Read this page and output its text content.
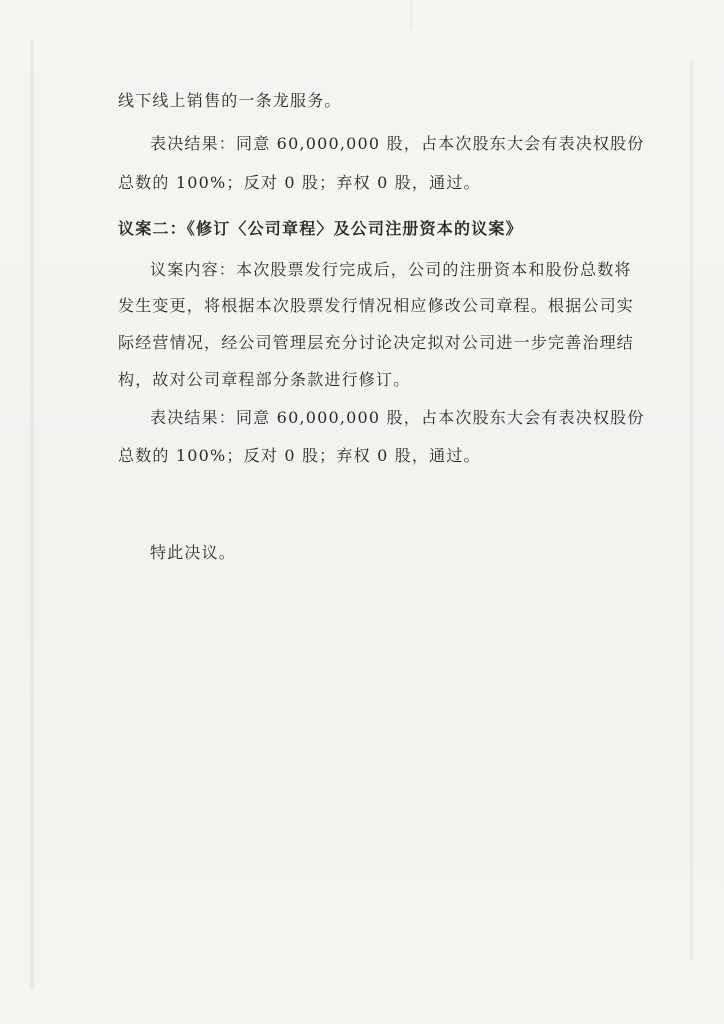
线下线上销售的一条龙服务。
表决结果：同意 60,000,000 股，占本次股东大会有表决权股份
总数的 100%；反对 0 股；弃权 0 股，通过。
议案二：《修订〈公司章程〉及公司注册资本的议案》
议案内容：本次股票发行完成后，公司的注册资本和股份总数将
发生变更，将根据本次股票发行情况相应修改公司章程。根据公司实
际经营情况，经公司管理层充分讨论决定拟对公司进一步完善治理结
构，故对公司章程部分条款进行修订。
表决结果：同意 60,000,000 股，占本次股东大会有表决权股份
总数的 100%；反对 0 股；弃权 0 股，通过。
特此决议。
